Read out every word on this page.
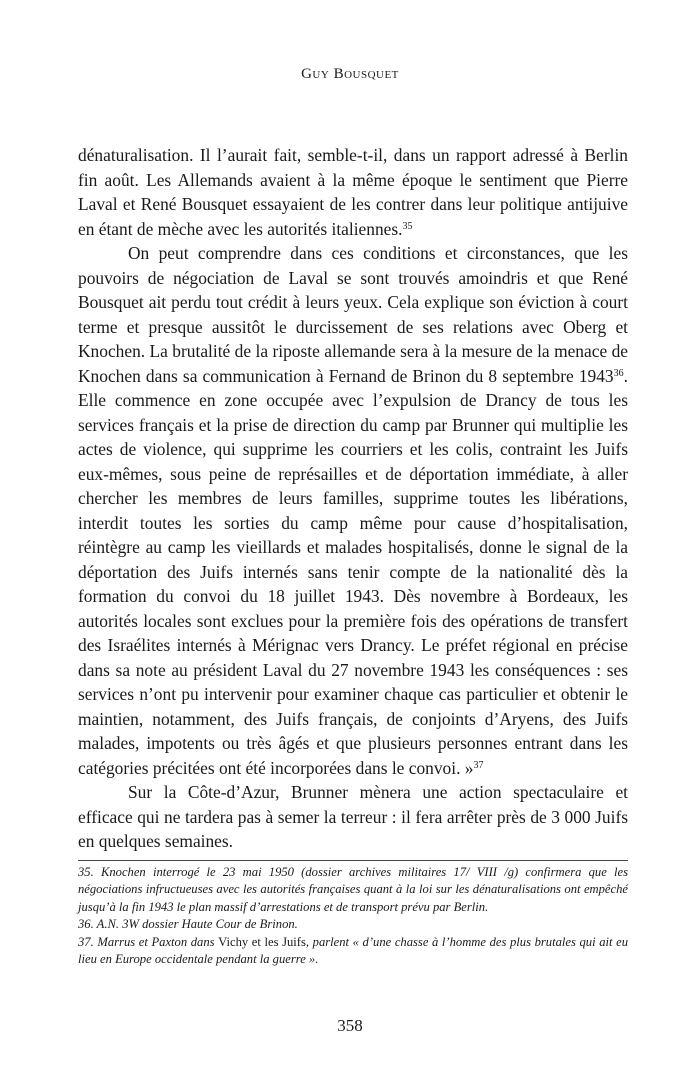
Guy Bousquet

dénaturalisation. Il l’aurait fait, semble-t-il, dans un rapport adressé à Berlin fin août. Les Allemands avaient à la même époque le sentiment que Pierre Laval et René Bousquet essayaient de les contrer dans leur politique antijuive en étant de mèche avec les autorités italiennes.$^{35}$

On peut comprendre dans ces conditions et circonstances, que les pouvoirs de négociation de Laval se sont trouvés amoindris et que René Bousquet ait perdu tout crédit à leurs yeux. Cela explique son éviction à court terme et presque aussitôt le durcissement de ses relations avec Oberg et Knochen. La brutalité de la riposte allemande sera à la mesure de la menace de Knochen dans sa communication à Fernand de Brinon du 8 septembre 1943$^{36}$. Elle commence en zone occupée avec l’expulsion de Drancy de tous les services français et la prise de direction du camp par Brunner qui multiplie les actes de violence, qui supprime les courriers et les colis, contraint les Juifs eux-mêmes, sous peine de représailles et de déportation immédiate, à aller chercher les membres de leurs familles, supprime toutes les libérations, interdit toutes les sorties du camp même pour cause d’hospitalisation, réintègre au camp les vieillards et malades hospitalisés, donne le signal de la déportation des Juifs internés sans tenir compte de la nationalité dès la formation du convoi du 18 juillet 1943. Dès novembre à Bordeaux, les autorités locales sont exclues pour la première fois des opérations de transfert des Israélites internés à Mérignac vers Drancy. Le préfet régional en précise dans sa note au président Laval du 27 novembre 1943 les conséquences : ses services n’ont pu intervenir pour examiner chaque cas particulier et obtenir le maintien, notamment, des Juifs français, de conjoints d’Aryens, des Juifs malades, impotents ou très âgés et que plusieurs personnes entrant dans les catégories précitées ont été incorporées dans le convoi. »$^{37}$

Sur la Côte-d’Azur, Brunner mènera une action spectaculaire et efficace qui ne tardera pas à semer la terreur : il fera arrêter près de 3 000 Juifs en quelques semaines.

35. Knochen interrogé le 23 mai 1950 (dossier archives militaires 17/ VIII /g) confirmera que les négociations infructueuses avec les autorités françaises quant à la loi sur les dénaturalisations ont empêché jusqu’à la fin 1943 le plan massif d’arrestations et de transport prévu par Berlin.

36. A.N. 3W dossier Haute Cour de Brinon.

37. Marrus et Paxton dans Vichy et les Juifs, parlent « d’une chasse à l’homme des plus brutales qui ait eu lieu en Europe occidentale pendant la guerre ».

358
